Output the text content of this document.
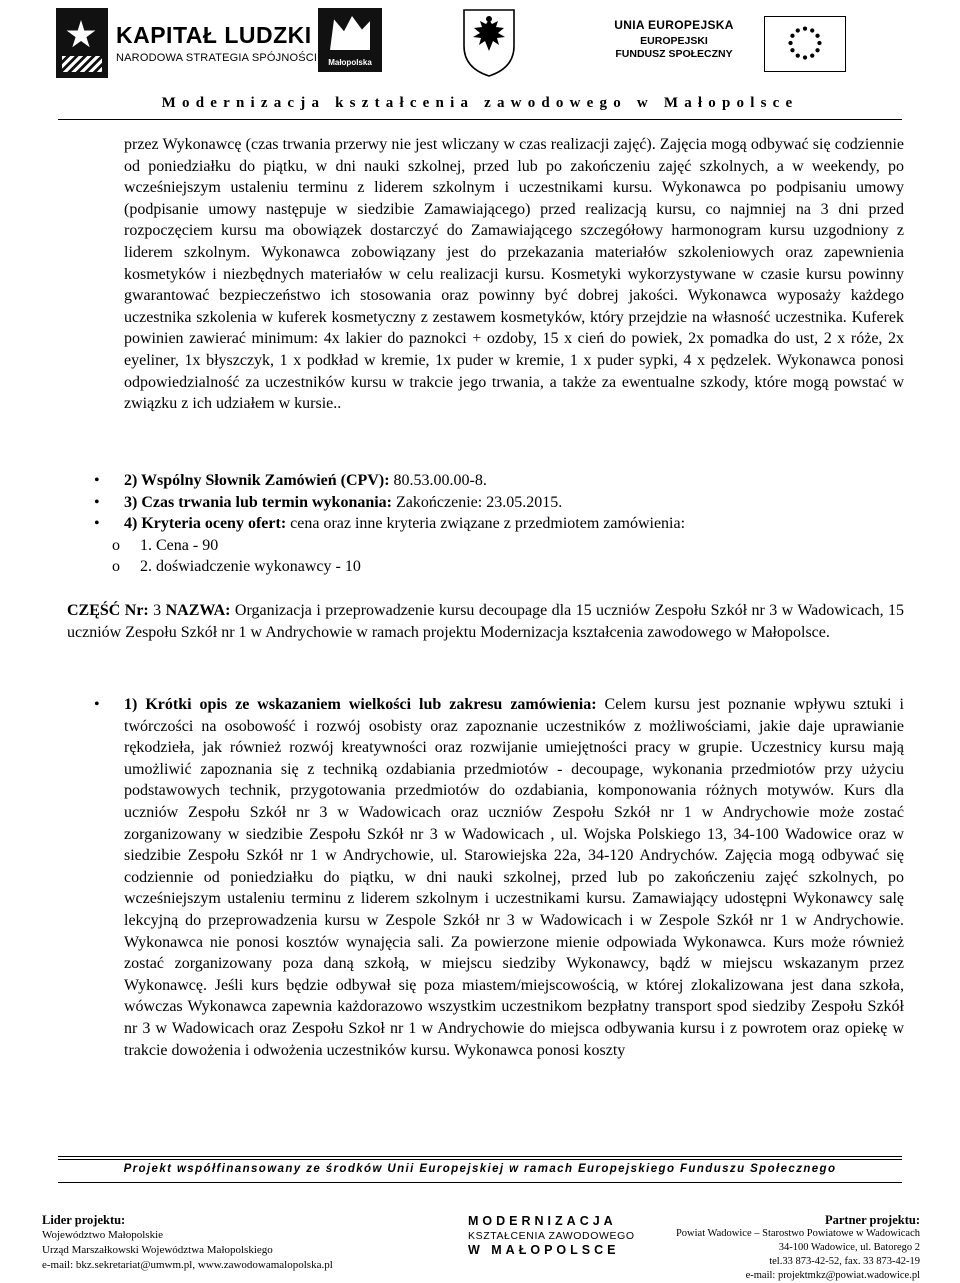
KAPITAŁ LUDZKI
NARODOWA STRATEGIA SPÓJNOŚCI	Małopolska
UNIA EUROPEJSKA
EUROPEJSKI
FUNDUSZ SPOŁECZNY
Modernizacja kształcenia zawodowego w Małopolsce

przez Wykonawcę (czas trwania przerwy nie jest wliczany w czas realizacji zajęć). Zajęcia mogą odbywać się codziennie od poniedziałku do piątku, w dni nauki szkolnej, przed lub po zakończeniu zajęć szkolnych, a w weekendy, po wcześniejszym ustaleniu terminu z liderem szkolnym i uczestnikami kursu. Wykonawca po podpisaniu umowy (podpisanie umowy następuje w siedzibie Zamawiającego) przed realizacją kursu, co najmniej na 3 dni przed rozpoczęciem kursu ma obowiązek dostarczyć do Zamawiającego szczegółowy harmonogram kursu uzgodniony z liderem szkolnym. Wykonawca zobowiązany jest do przekazania materiałów szkoleniowych oraz zapewnienia kosmetyków i niezbędnych materiałów w celu realizacji kursu. Kosmetyki wykorzystywane w czasie kursu powinny gwarantować bezpieczeństwo ich stosowania oraz powinny być dobrej jakości. Wykonawca wyposaży każdego uczestnika szkolenia w kuferek kosmetyczny z zestawem kosmetyków, który przejdzie na własność uczestnika. Kuferek powinien zawierać minimum: 4x lakier do paznokci + ozdoby, 15 x cień do powiek, 2x pomadka do ust, 2 x róże, 2x eyeliner, 1x błyszczyk, 1 x podkład w kremie, 1x puder w kremie, 1 x puder sypki, 4 x pędzelek. Wykonawca ponosi odpowiedzialność za uczestników kursu w trakcie jego trwania, a także za ewentualne szkody, które mogą powstać w związku z ich udziałem w kursie..

• 2) Wspólny Słownik Zamówień (CPV): 80.53.00.00-8.
• 3) Czas trwania lub termin wykonania: Zakończenie: 23.05.2015.
• 4) Kryteria oceny ofert: cena oraz inne kryteria związane z przedmiotem zamówienia:
o 1. Cena - 90
o 2. doświadczenie wykonawcy - 10
CZĘŚĆ Nr: 3 NAZWA: Organizacja i przeprowadzenie kursu decoupage dla 15 uczniów Zespołu Szkół nr 3 w Wadowicach, 15 uczniów Zespołu Szkół nr 1 w Andrychowie w ramach projektu Modernizacja kształcenia zawodowego w Małopolsce.
• 1) Krótki opis ze wskazaniem wielkości lub zakresu zamówienia: Celem kursu jest poznanie wpływu sztuki i twórczości na osobowość i rozwój osobisty oraz zapoznanie uczestników z możliwościami, jakie daje uprawianie rękodzieła, jak również rozwój kreatywności oraz rozwijanie umiejętności pracy w grupie. Uczestnicy kursu mają umożliwić zapoznania się z techniką ozdabiania przedmiotów - decoupage, wykonania przedmiotów przy użyciu podstawowych technik, przygotowania przedmiotów do ozdabiania, komponowania różnych motywów. Kurs dla uczniów Zespołu Szkół nr 3 w Wadowicach oraz uczniów Zespołu Szkół nr 1 w Andrychowie może zostać zorganizowany w siedzibie Zespołu Szkół nr 3 w Wadowicach , ul. Wojska Polskiego 13, 34-100 Wadowice oraz w siedzibie Zespołu Szkół nr 1 w Andrychowie, ul. Starowiejska 22a, 34-120 Andrychów. Zajęcia mogą odbywać się codziennie od poniedziałku do piątku, w dni nauki szkolnej, przed lub po zakończeniu zajęć szkolnych, po wcześniejszym ustaleniu terminu z liderem szkolnym i uczestnikami kursu. Zamawiający udostępni Wykonawcy salę lekcyjną do przeprowadzenia kursu w Zespole Szkół nr 3 w Wadowicach i w Zespole Szkół nr 1 w Andrychowie. Wykonawca nie ponosi kosztów wynajęcia sali. Za powierzone mienie odpowiada Wykonawca. Kurs może również zostać zorganizowany poza daną szkołą, w miejscu siedziby Wykonawcy, bądź w miejscu wskazanym przez Wykonawcę. Jeśli kurs będzie odbywał się poza miastem/miejscowością, w której zlokalizowana jest dana szkoła, wówczas Wykonawca zapewnia każdorazowo wszystkim uczestnikom bezpłatny transport spod siedziby Zespołu Szkół nr 3 w Wadowicach oraz Zespołu Szkoł nr 1 w Andrychowie do miejsca odbywania kursu i z powrotem oraz opiekę w trakcie dowożenia i odwożenia uczestników kursu. Wykonawca ponosi koszty
Projekt współfinansowany ze środków Unii Europejskiej w ramach Europejskiego Funduszu Społecznego
Lider projektu:
Województwo Małopolskie
Urząd Marszałkowski Województwa Małopolskiego
e-mail: bkz.sekretariat@umwm.pl, www.zawodowamalopolska.pl
MODERNIZACJA
KSZTAŁCENIA ZAWODOWEGO
W MAŁOPOLSCE
Partner projektu:
Powiat Wadowice – Starostwo Powiatowe w Wadowicach
34-100 Wadowice, ul. Batorego 2
tel.33 873-42-52, fax. 33 873-42-19
e-mail: projektmkz@powiat.wadowice.pl
